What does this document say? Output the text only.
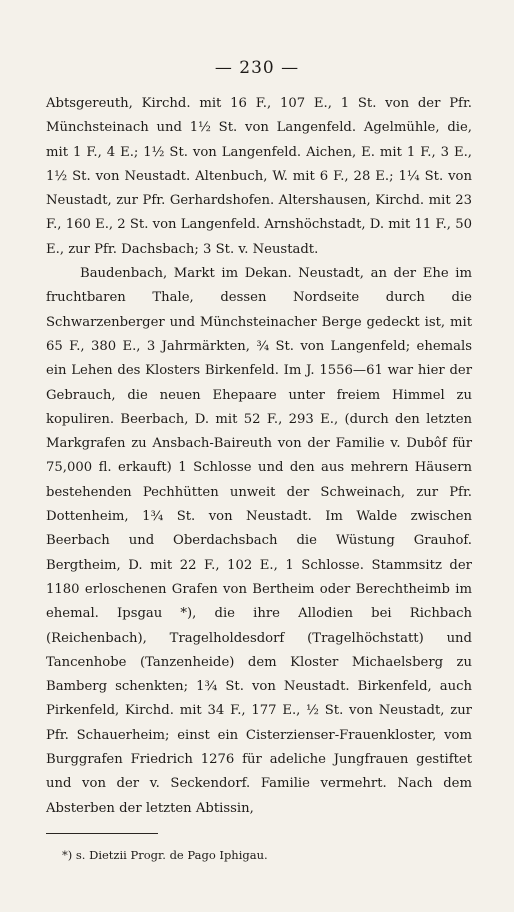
— 230 —

Abtsgereuth, Kirchd. mit 16 F., 107 E., 1 St. von der Pfr. Münchsteinach und 1½ St. von Langenfeld. Agelmühle, die, mit 1 F., 4 E.; 1½ St. von Langenfeld. Aichen, E. mit 1 F., 3 E., 1½ St. von Neustadt. Altenbuch, W. mit 6 F., 28 E.; 1¼ St. von Neustadt, zur Pfr. Gerhardshofen. Altershausen, Kirchd. mit 23 F., 160 E., 2 St. von Langenfeld. Arnshöchstadt, D. mit 11 F., 50 E., zur Pfr. Dachsbach; 3 St. v. Neustadt.

Baudenbach, Markt im Dekan. Neustadt, an der Ehe im fruchtbaren Thale, dessen Nordseite durch die Schwarzenberger und Münchsteinacher Berge gedeckt ist, mit 65 F., 380 E., 3 Jahrmärkten, ¾ St. von Langenfeld; ehemals ein Lehen des Klosters Birkenfeld. Im J. 1556—61 war hier der Gebrauch, die neuen Ehepaare unter freiem Himmel zu kopuliren. Beerbach, D. mit 52 F., 293 E., (durch den letzten Markgrafen zu Ansbach-Baireuth von der Familie v. Dubôf für 75,000 fl. erkauft) 1 Schlosse und den aus mehrern Häusern bestehenden Pechhütten unweit der Schweinach, zur Pfr. Dottenheim, 1¾ St. von Neustadt. Im Walde zwischen Beerbach und Oberdachsbach die Wüstung Grauhof. Bergtheim, D. mit 22 F., 102 E., 1 Schlosse. Stammsitz der 1180 erloschenen Grafen von Bertheim oder Berechtheimb im ehemal. Ipsgau *), die ihre Allodien bei Richbach (Reichenbach), Tragelholdesdorf (Tragelhöchstatt) und Tancenhobe (Tanzenheide) dem Kloster Michaelsberg zu Bamberg schenkten; 1¾ St. von Neustadt. Birkenfeld, auch Pirkenfeld, Kirchd. mit 34 F., 177 E., ½ St. von Neustadt, zur Pfr. Schauerheim; einst ein Cisterzienser-Frauenkloster, vom Burggrafen Friedrich 1276 für adeliche Jungfrauen gestiftet und von der v. Seckendorf. Familie vermehrt. Nach dem Absterben der letzten Abtissin,

*) s. Dietzii Progr. de Pago Iphigau.
